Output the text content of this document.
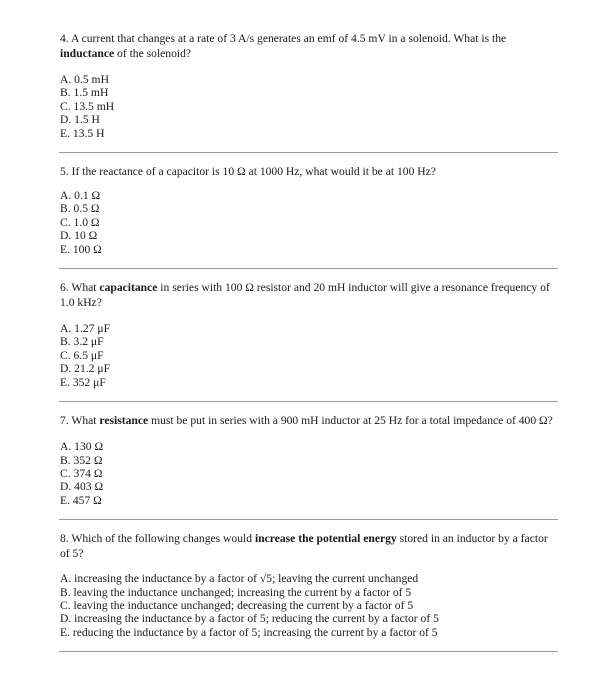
4. A current that changes at a rate of 3 A/s generates an emf of 4.5 mV in a solenoid. What is the inductance of the solenoid?

A. 0.5 mH
B. 1.5 mH
C. 13.5 mH
D. 1.5 H
E. 13.5 H

5. If the reactance of a capacitor is 10 Ω at 1000 Hz, what would it be at 100 Hz?

A. 0.1 Ω
B. 0.5 Ω
C. 1.0 Ω
D. 10 Ω
E. 100 Ω

6. What capacitance in series with 100 Ω resistor and 20 mH inductor will give a resonance frequency of 1.0 kHz?

A. 1.27 μF
B. 3.2 μF
C. 6.5 μF
D. 21.2 μF
E. 352 μF

7. What resistance must be put in series with a 900 mH inductor at 25 Hz for a total impedance of 400 Ω?

A. 130 Ω
B. 352 Ω
C. 374 Ω
D. 403 Ω
E. 457 Ω

8. Which of the following changes would increase the potential energy stored in an inductor by a factor of 5?

A. increasing the inductance by a factor of √5; leaving the current unchanged
B. leaving the inductance unchanged; increasing the current by a factor of 5
C. leaving the inductance unchanged; decreasing the current by a factor of 5
D. increasing the inductance by a factor of 5; reducing the current by a factor of 5
E. reducing the inductance by a factor of 5; increasing the current by a factor of 5
